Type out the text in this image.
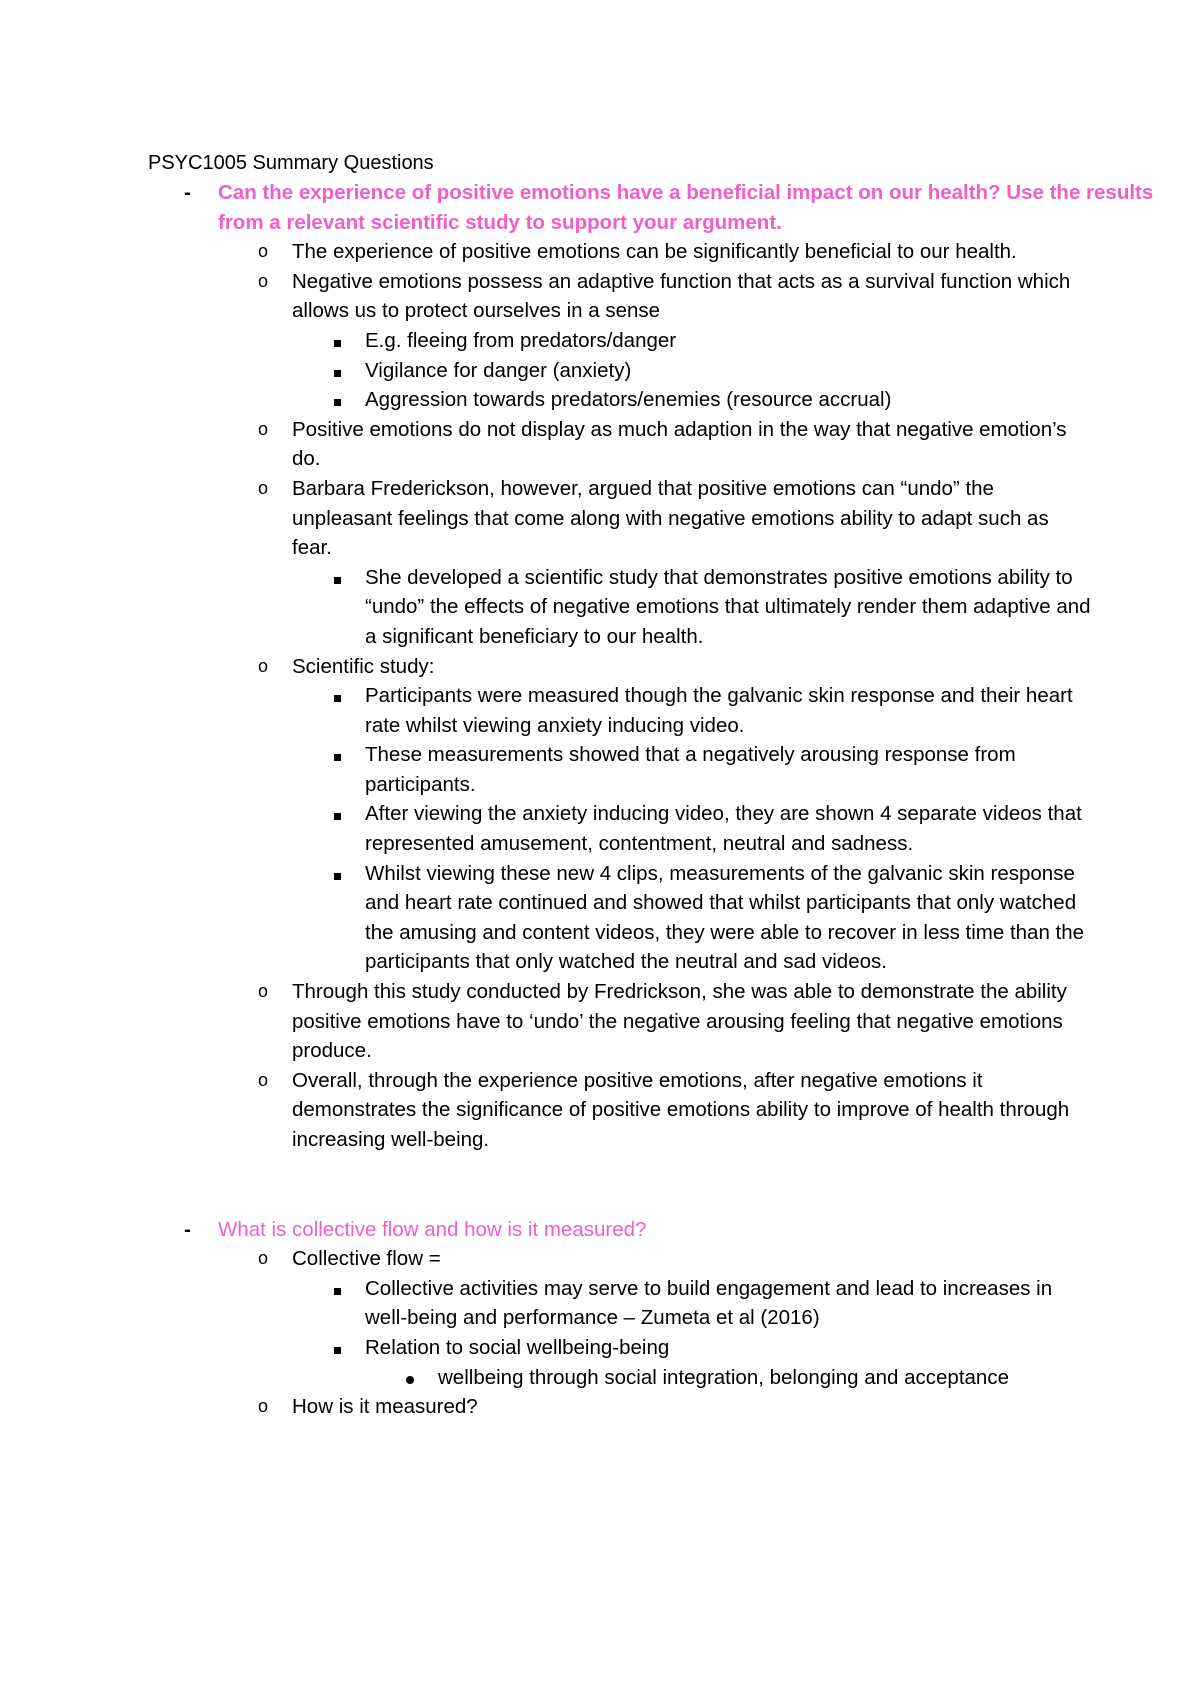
PSYC1005 Summary Questions
- Can the experience of positive emotions have a beneficial impact on our health? Use the results from a relevant scientific study to support your argument.
o The experience of positive emotions can be significantly beneficial to our health.
o Negative emotions possess an adaptive function that acts as a survival function which allows us to protect ourselves in a sense
E.g. fleeing from predators/danger
Vigilance for danger (anxiety)
Aggression towards predators/enemies (resource accrual)
o Positive emotions do not display as much adaption in the way that negative emotion’s do.
o Barbara Frederickson, however, argued that positive emotions can “undo” the unpleasant feelings that come along with negative emotions ability to adapt such as fear.
She developed a scientific study that demonstrates positive emotions ability to “undo” the effects of negative emotions that ultimately render them adaptive and a significant beneficiary to our health.
o Scientific study:
Participants were measured though the galvanic skin response and their heart rate whilst viewing anxiety inducing video.
These measurements showed that a negatively arousing response from participants.
After viewing the anxiety inducing video, they are shown 4 separate videos that represented amusement, contentment, neutral and sadness.
Whilst viewing these new 4 clips, measurements of the galvanic skin response and heart rate continued and showed that whilst participants that only watched the amusing and content videos, they were able to recover in less time than the participants that only watched the neutral and sad videos.
o Through this study conducted by Fredrickson, she was able to demonstrate the ability positive emotions have to ‘undo’ the negative arousing feeling that negative emotions produce.
o Overall, through the experience positive emotions, after negative emotions it demonstrates the significance of positive emotions ability to improve of health through increasing well-being.
- What is collective flow and how is it measured?
o Collective flow =
Collective activities may serve to build engagement and lead to increases in well-being and performance – Zumeta et al (2016)
Relation to social wellbeing-being
wellbeing through social integration, belonging and acceptance
o How is it measured?
